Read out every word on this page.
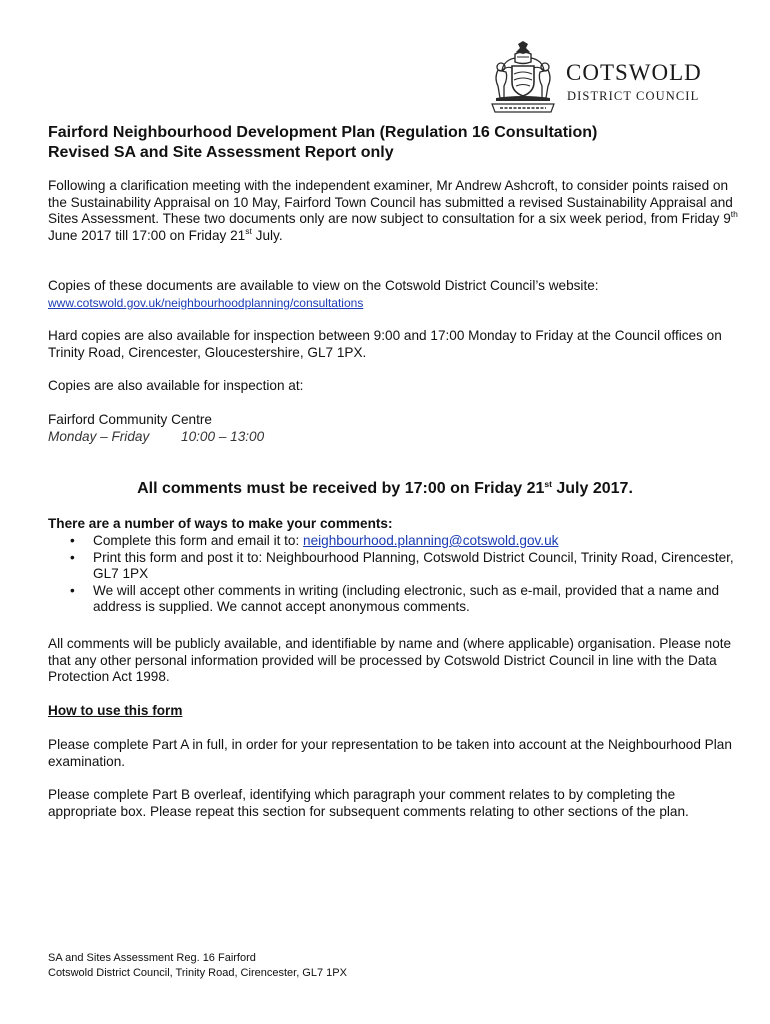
COTSWOLD
DISTRICT COUNCIL
Fairford Neighbourhood Development Plan (Regulation 16 Consultation)
Revised SA and Site Assessment Report only

Following a clarification meeting with the independent examiner, Mr Andrew Ashcroft, to consider points raised on the Sustainability Appraisal on 10 May, Fairford Town Council has submitted a revised Sustainability Appraisal and Sites Assessment. These two documents only are now subject to consultation for a six week period, from Friday 9th June 2017 till 17:00 on Friday 21st July.

Copies of these documents are available to view on the Cotswold District Council’s website:
www.cotswold.gov.uk/neighbourhoodplanning/consultations

Hard copies are also available for inspection between 9:00 and 17:00 Monday to Friday at the Council offices on Trinity Road, Cirencester, Gloucestershire, GL7 1PX.

Copies are also available for inspection at:

Fairford Community Centre
Monday – Friday 10:00 – 13:00

All comments must be received by 17:00 on Friday 21st July 2017.

There are a number of ways to make your comments:

• Complete this form and email it to: neighbourhood.planning@cotswold.gov.uk
• Print this form and post it to: Neighbourhood Planning, Cotswold District Council, Trinity Road, Cirencester, GL7 1PX
• We will accept other comments in writing (including electronic, such as e-mail, provided that a name and address is supplied. We cannot accept anonymous comments.

All comments will be publicly available, and identifiable by name and (where applicable) organisation. Please note that any other personal information provided will be processed by Cotswold District Council in line with the Data Protection Act 1998.

How to use this form

Please complete Part A in full, in order for your representation to be taken into account at the Neighbourhood Plan examination.

Please complete Part B overleaf, identifying which paragraph your comment relates to by completing the appropriate box. Please repeat this section for subsequent comments relating to other sections of the plan.

SA and Sites Assessment Reg. 16 Fairford
Cotswold District Council, Trinity Road, Cirencester, GL7 1PX
